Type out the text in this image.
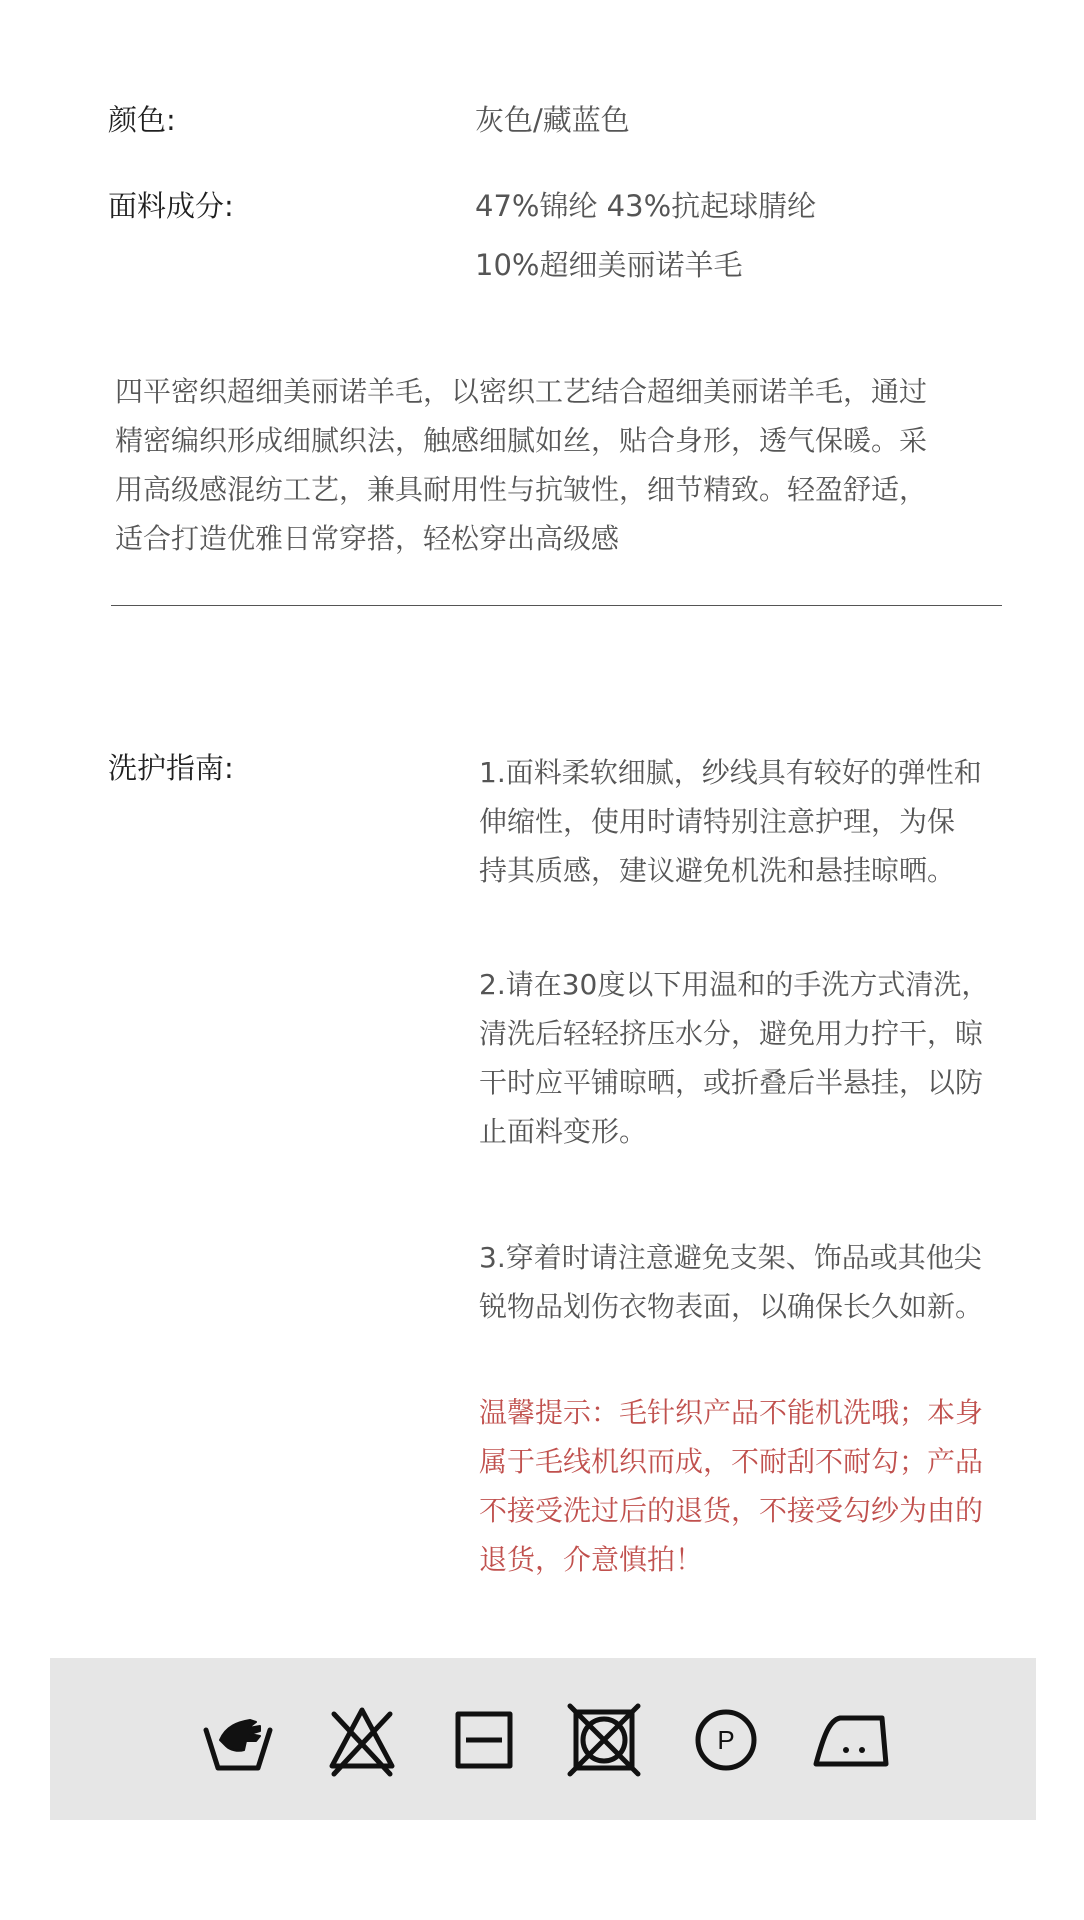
颜色:	灰色/藏蓝色
面料成分:	47%锦纶 43%抗起球腈纶
10%超细美丽诺羊毛
四平密织超细美丽诺羊毛，以密织工艺结合超细美丽诺羊毛，通过
精密编织形成细腻织法，触感细腻如丝，贴合身形，透气保暖。采
用高级感混纺工艺，兼具耐用性与抗皱性，细节精致。轻盈舒适，
适合打造优雅日常穿搭，轻松穿出高级感
洗护指南:	1.面料柔软细腻，纱线具有较好的弹性和
伸缩性，使用时请特别注意护理，为保
持其质感，建议避免机洗和悬挂晾晒。
2.请在30度以下用温和的手洗方式清洗，
清洗后轻轻挤压水分，避免用力拧干，晾
干时应平铺晾晒，或折叠后半悬挂，以防
止面料变形。
3.穿着时请注意避免支架、饰品或其他尖
锐物品划伤衣物表面，以确保长久如新。
温馨提示：毛针织产品不能机洗哦；本身
属于毛线机织而成，不耐刮不耐勾；产品
不接受洗过后的退货，不接受勾纱为由的
退货，介意慎拍！
P
